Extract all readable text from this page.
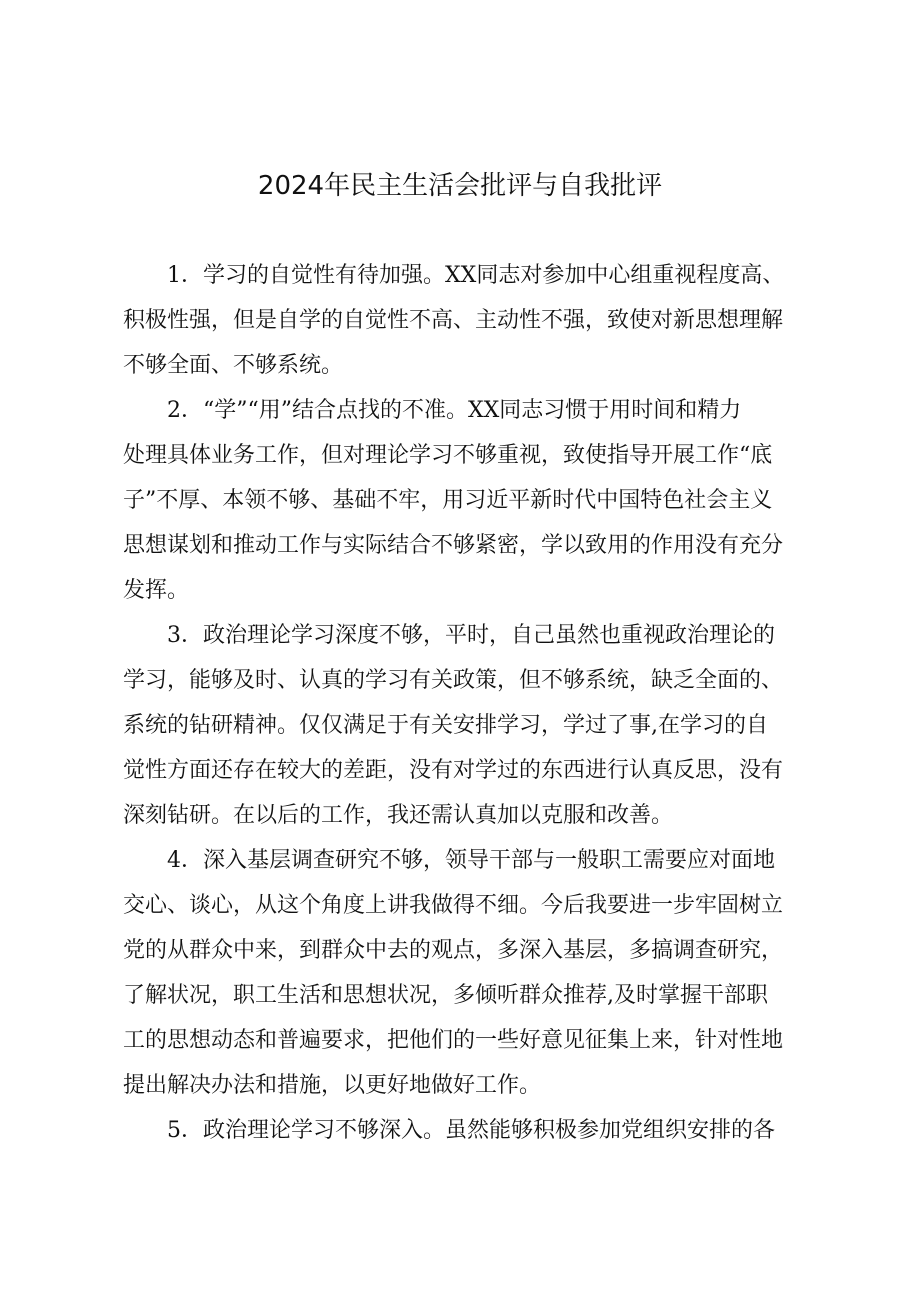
2024年民主生活会批评与自我批评

1．学习的自觉性有待加强。XX同志对参加中心组重视程度高、
积极性强，但是自学的自觉性不高、主动性不强，致使对新思想理解
不够全面、不够系统。

2．“学”“用”结合点找的不准。XX同志习惯于用时间和精力
处理具体业务工作，但对理论学习不够重视，致使指导开展工作“底
子”不厚、本领不够、基础不牢，用习近平新时代中国特色社会主义
思想谋划和推动工作与实际结合不够紧密，学以致用的作用没有充分
发挥。

3．政治理论学习深度不够，平时，自己虽然也重视政治理论的
学习，能够及时、认真的学习有关政策，但不够系统，缺乏全面的、
系统的钻研精神。仅仅满足于有关安排学习，学过了事,在学习的自
觉性方面还存在较大的差距，没有对学过的东西进行认真反思，没有
深刻钻研。在以后的工作，我还需认真加以克服和改善。

4．深入基层调查研究不够，领导干部与一般职工需要应对面地
交心、谈心，从这个角度上讲我做得不细。今后我要进一步牢固树立
党的从群众中来，到群众中去的观点，多深入基层，多搞调查研究，
了解状况，职工生活和思想状况，多倾听群众推荐,及时掌握干部职
工的思想动态和普遍要求，把他们的一些好意见征集上来，针对性地
提出解决办法和措施，以更好地做好工作。

5．政治理论学习不够深入。虽然能够积极参加党组织安排的各
